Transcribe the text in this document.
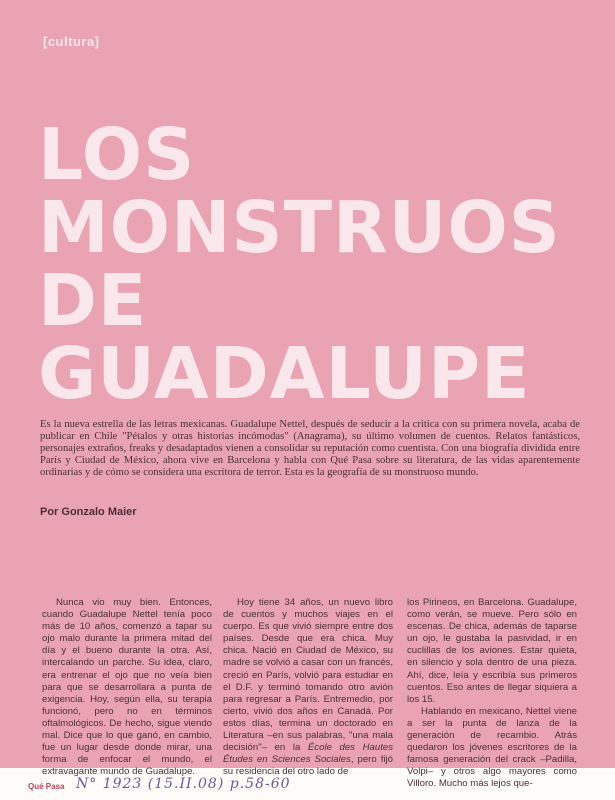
[cultura]
LOS
MONSTRUOS
DE
GUADALUPE
Es la nueva estrella de las letras mexicanas. Guadalupe Nettel, después de seducir a la crítica con su primera novela, acaba de publicar en Chile "Pétalos y otras historias incómodas" (Anagrama), su último volumen de cuentos. Relatos fantásticos, personajes extraños, freaks y desadaptados vienen a consolidar su reputación como cuentista. Con una biografía dividida entre París y Ciudad de México, ahora vive en Barcelona y habla con Qué Pasa sobre su literatura, de las vidas aparentemente ordinarias y de cómo se considera una escritora de terror. Esta es la geografía de su monstruoso mundo.
Por Gonzalo Maier
Nunca vio muy bien. Entonces, cuando Guadalupe Nettel tenía poco más de 10 años, comenzó a tapar su ojo malo durante la primera mitad del día y el bueno durante la otra. Así, intercalando un parche. Su idea, claro, era entrenar el ojo que no veía bien para que se desarrollara a punta de exigencia. Hoy, según ella, su terapia funcionó, pero no en términos oftalmológicos. De hecho, sigue viendo mal. Dice que lo que ganó, en cambio, fue un lugar desde donde mirar, una forma de enfocar el mundo, el extravagante mundo de Guadalupe.
Hoy tiene 34 años, un nuevo libro de cuentos y muchos viajes en el cuerpo. Es que vivió siempre entre dos países. Desde que era chica. Muy chica. Nació en Ciudad de México, su madre se volvió a casar con un francés, creció en París, volvió para estudiar en el D.F. y terminó tomando otro avión para regresar a París. Entremedio, por cierto, vivió dos años en Canadá. Por estos días, termina un doctorado en Literatura –en sus palabras, "una mala decisión"– en la École des Hautes Études en Sciences Sociales, pero fijó su residencia del otro lado de
los Pirineos, en Barcelona. Guadalupe, como verán, se mueve. Pero sólo en escenas. De chica, además de taparse un ojo, le gustaba la pasividad, ir en cuclillas de los aviones. Estar quieta, en silencio y sola dentro de una pieza. Ahí, dice, leía y escribía sus primeros cuentos. Eso antes de llegar siquiera a los 15.
Hablando en mexicano, Nettel viene a ser la punta de lanza de la generación de recambio. Atrás quedaron los jóvenes escritores de la famosa generación del crack –Padilla, Volpi– y otros algo mayores como Villoro. Mucho más lejos que-
Qué Pasa N° 1923 (15.II.08) p.58-60
